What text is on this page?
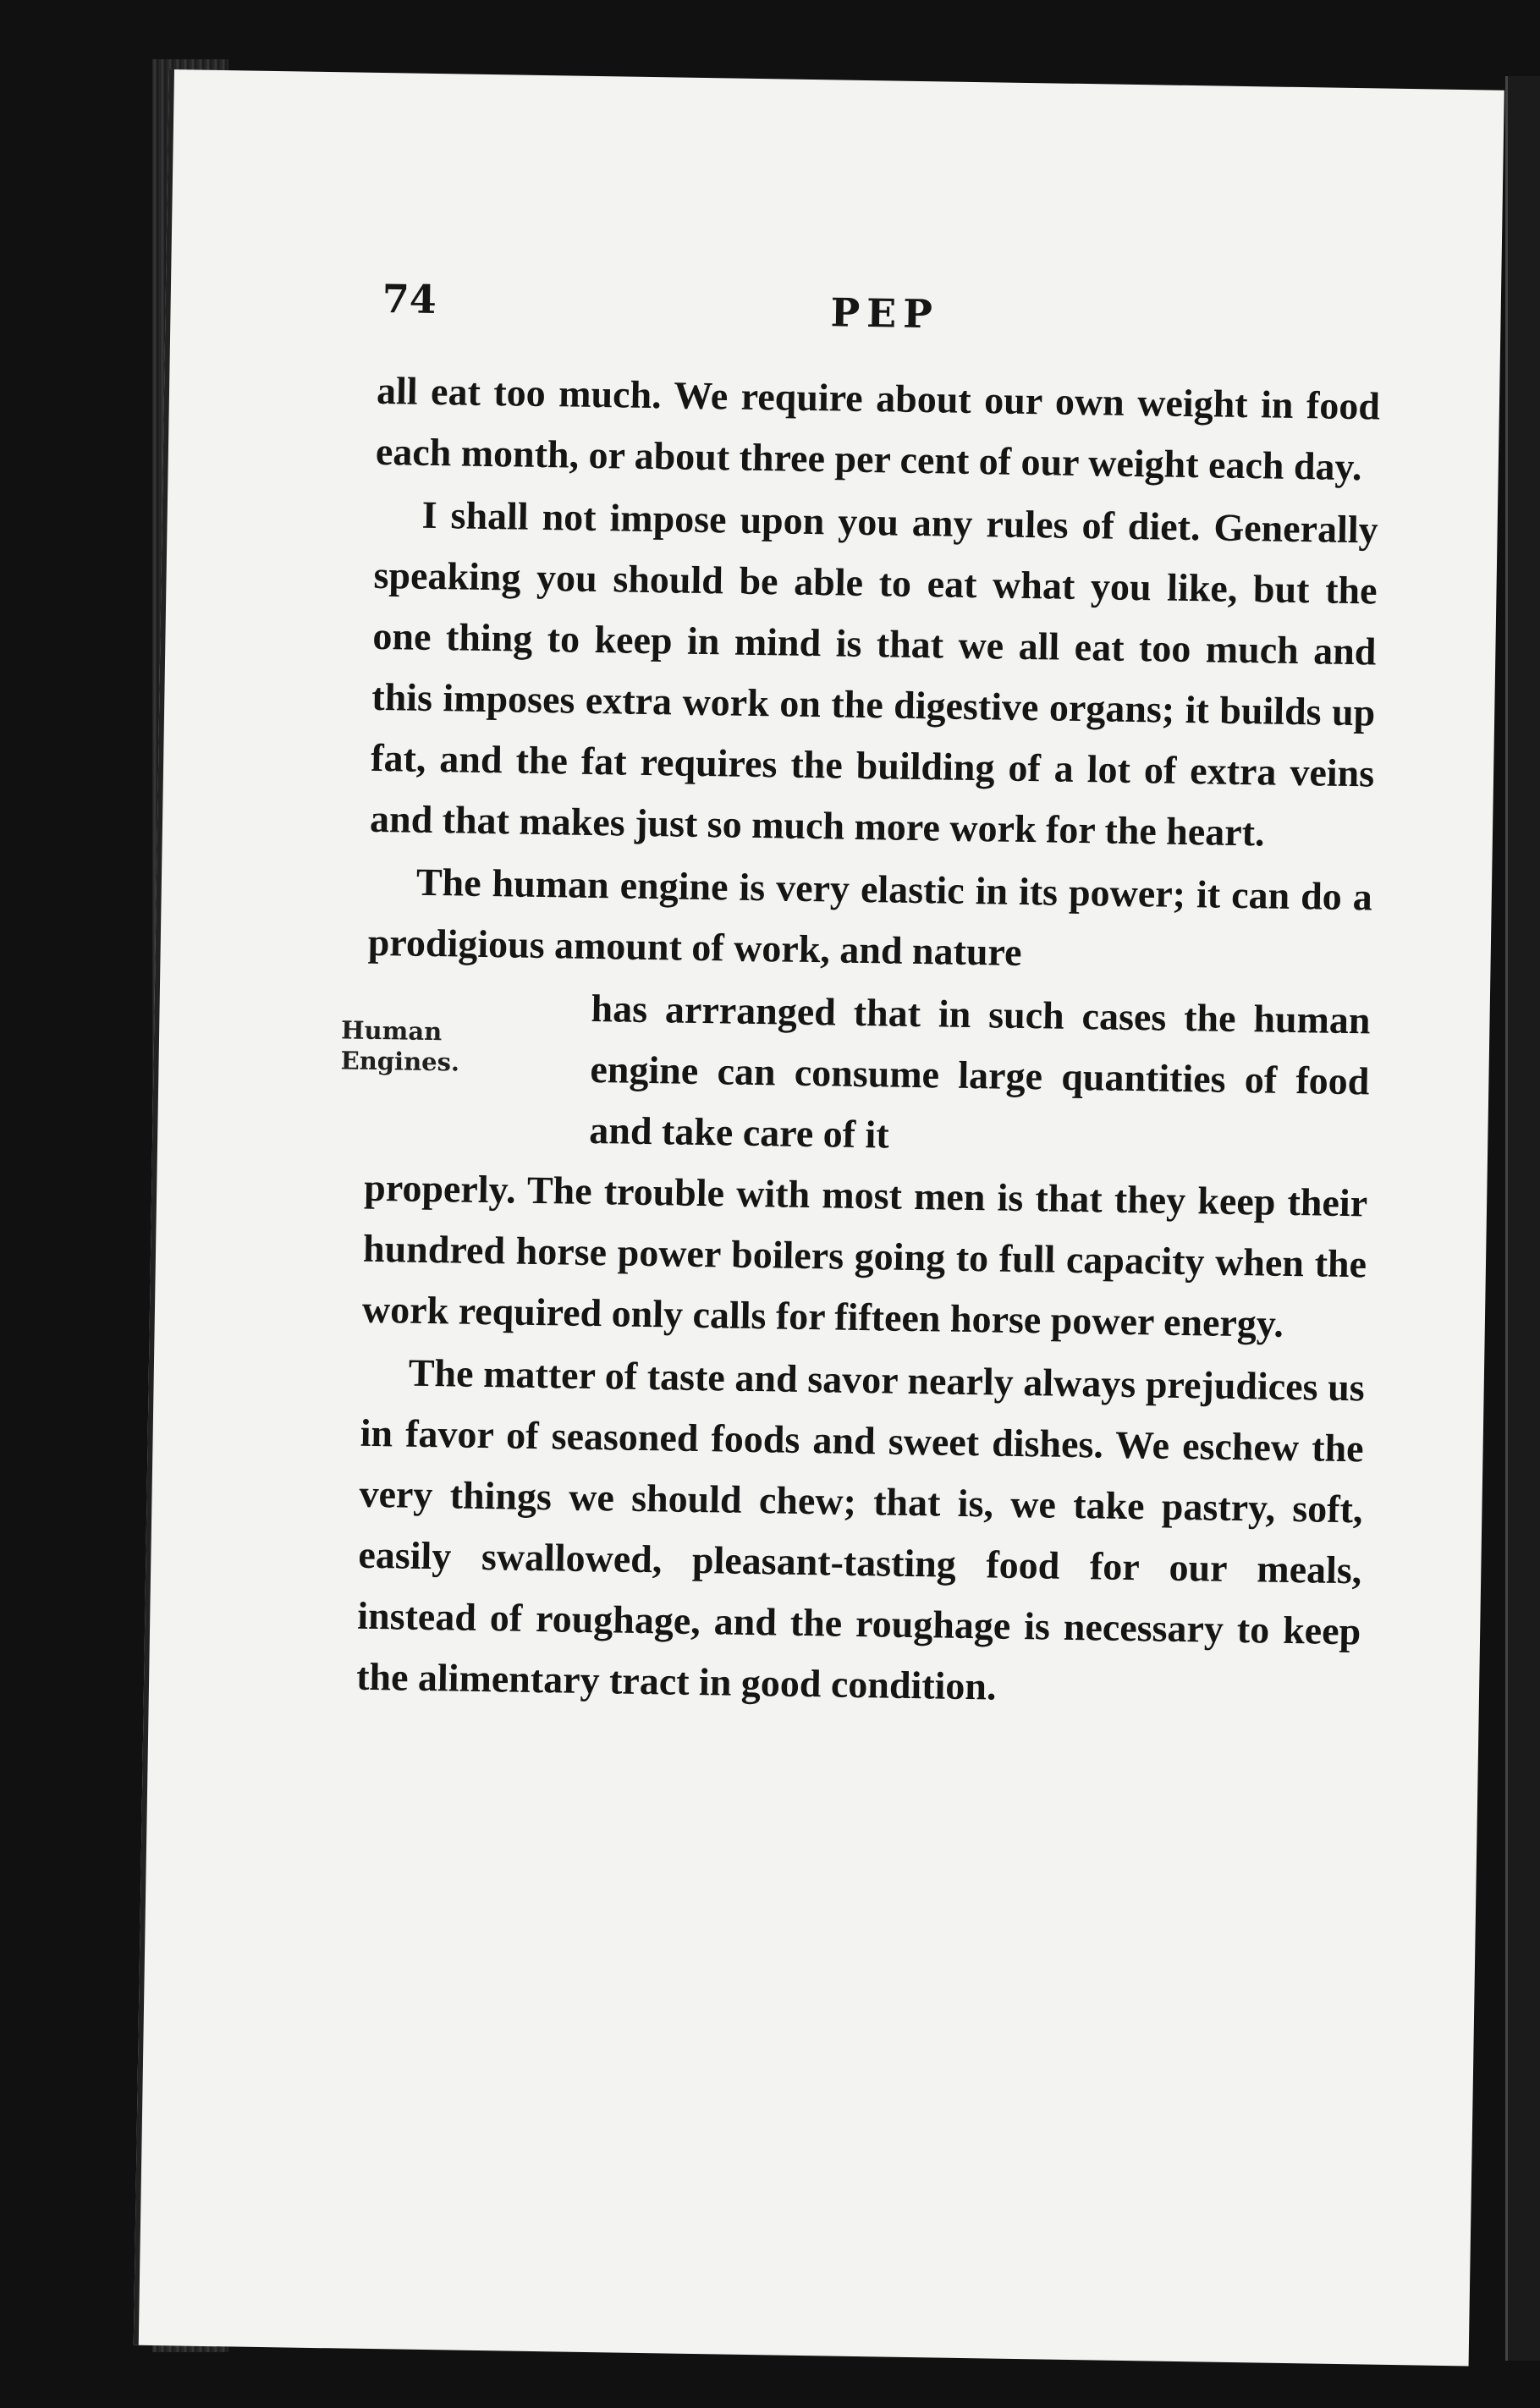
74	PEP

all eat too much. We require about our own weight in food each month, or about three per cent of our weight each day.

I shall not impose upon you any rules of diet. Generally speaking you should be able to eat what you like, but the one thing to keep in mind is that we all eat too much and this imposes extra work on the digestive organs; it builds up fat, and the fat requires the building of a lot of extra veins and that makes just so much more work for the heart.

The human engine is very elastic in its power; it can do a prodigious amount of work, and nature

Human
Engines.

has arrranged that in such cases the human engine can consume large quantities of food and take care of it

properly. The trouble with most men is that they keep their hundred horse power boilers going to full capacity when the work required only calls for fifteen horse power energy.

The matter of taste and savor nearly always prejudices us in favor of seasoned foods and sweet dishes. We eschew the very things we should chew; that is, we take pastry, soft, easily swallowed, pleasant-tasting food for our meals, instead of roughage, and the roughage is necessary to keep the alimentary tract in good condition.
